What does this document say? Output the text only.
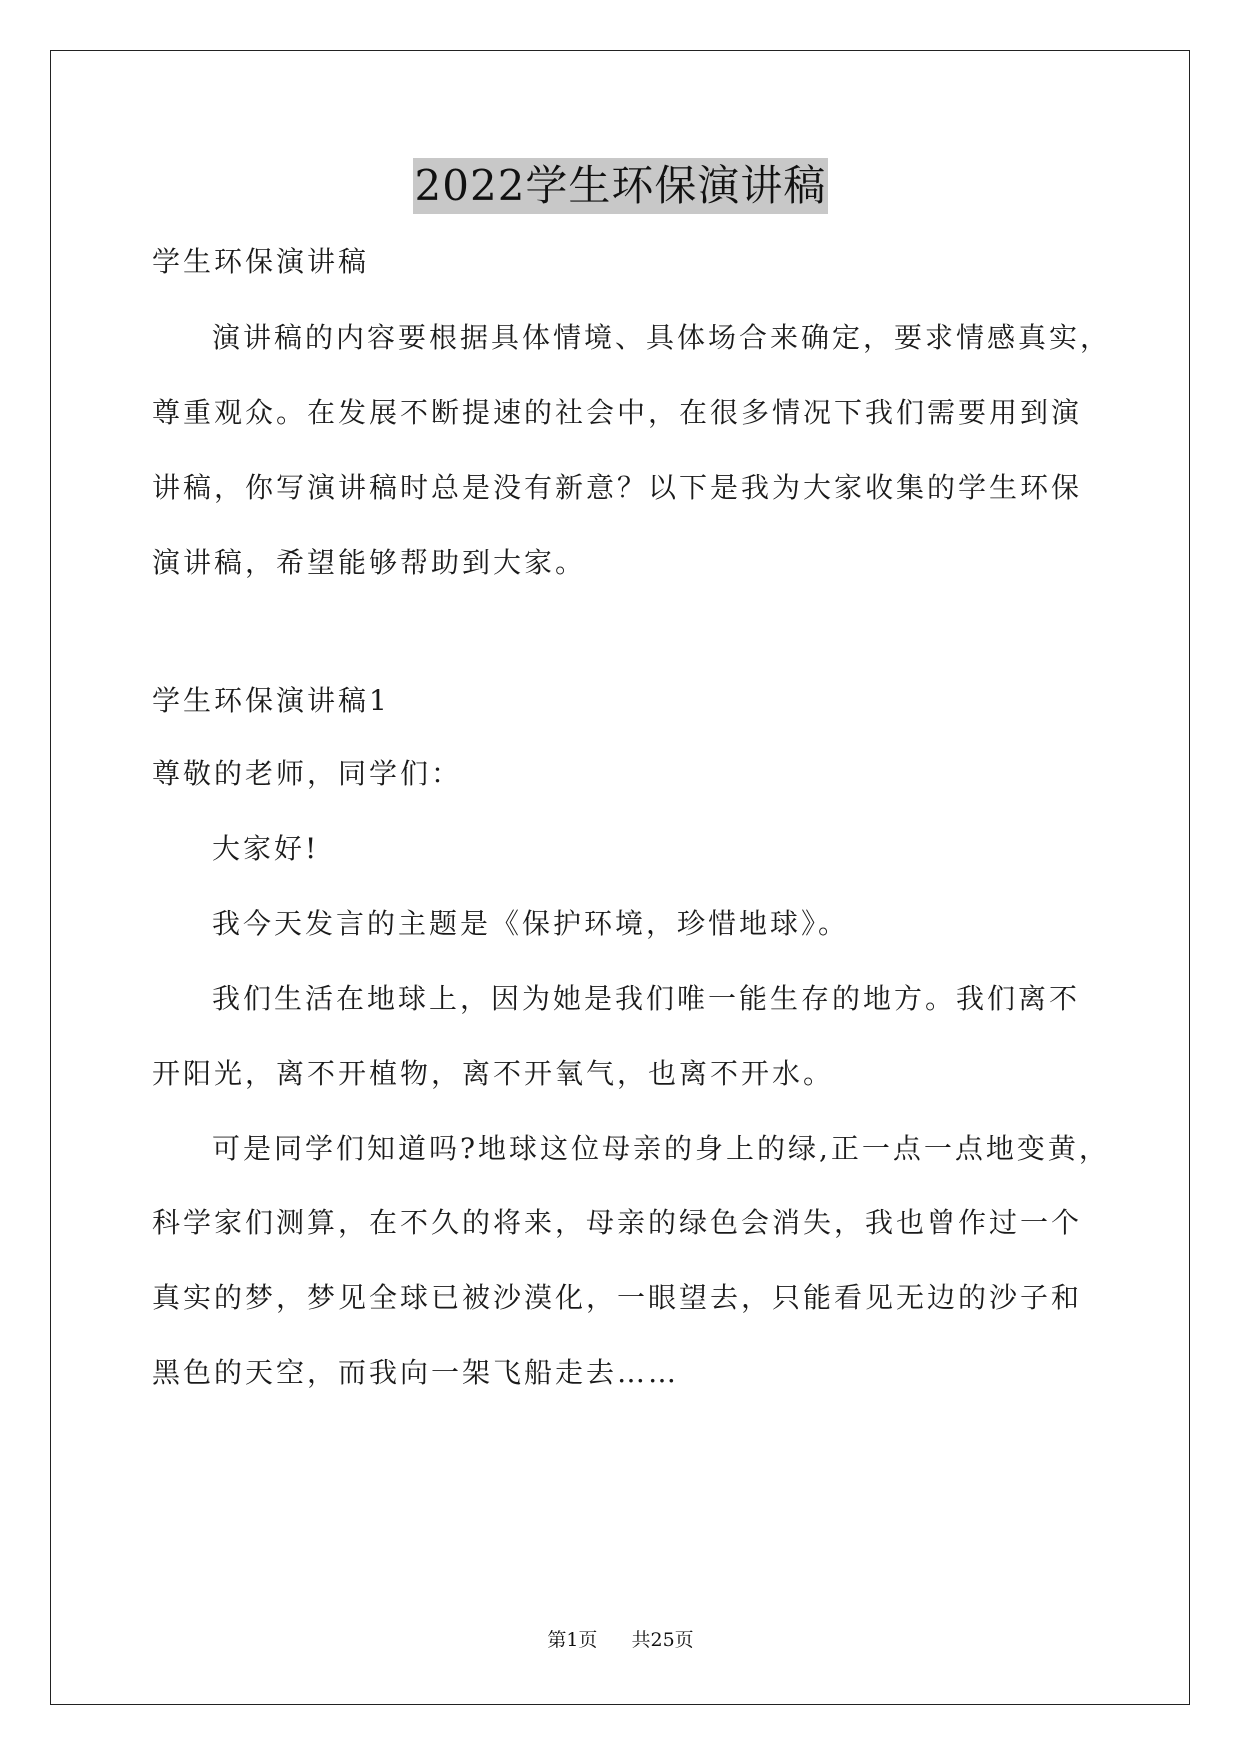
2022学生环保演讲稿
学生环保演讲稿
演讲稿的内容要根据具体情境、具体场合来确定，要求情感真实，
尊重观众。在发展不断提速的社会中，在很多情况下我们需要用到演
讲稿，你写演讲稿时总是没有新意？以下是我为大家收集的学生环保
演讲稿，希望能够帮助到大家。
学生环保演讲稿1
尊敬的老师，同学们：
大家好!
我今天发言的主题是《保护环境，珍惜地球》。
我们生活在地球上，因为她是我们唯一能生存的地方。我们离不
开阳光，离不开植物，离不开氧气，也离不开水。
可是同学们知道吗?地球这位母亲的身上的绿,正一点一点地变黄，
科学家们测算，在不久的将来，母亲的绿色会消失，我也曾作过一个
真实的梦，梦见全球已被沙漠化，一眼望去，只能看见无边的沙子和
黑色的天空，而我向一架飞船走去……
第1页 共25页
